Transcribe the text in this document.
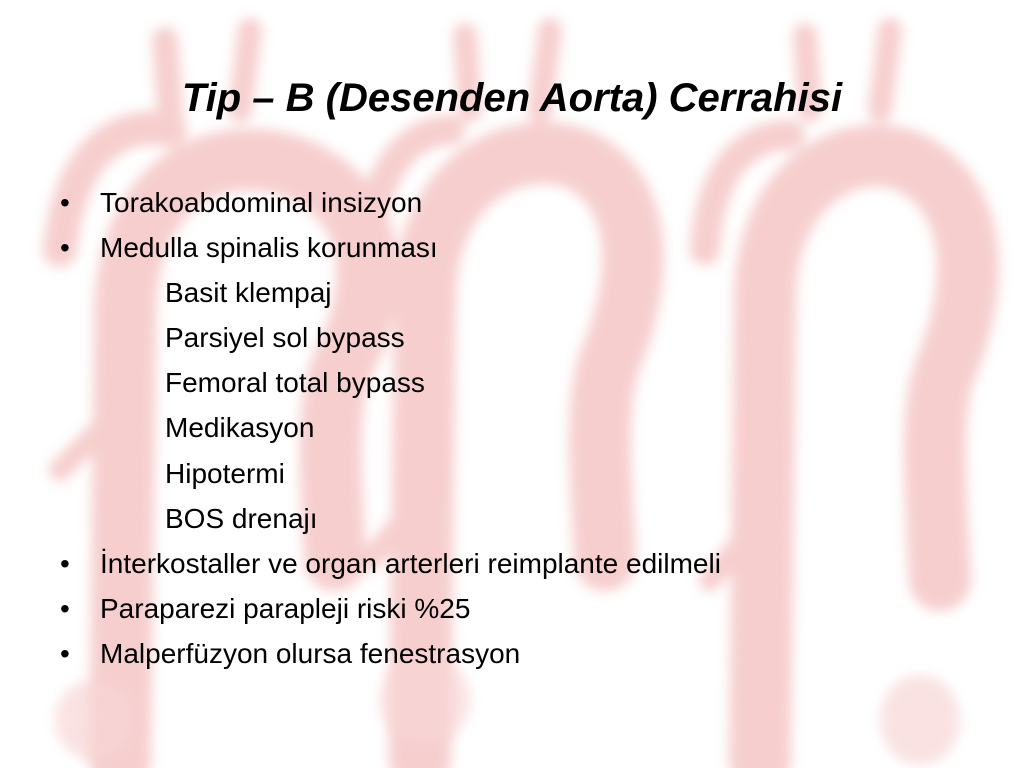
Tip – B (Desenden Aorta) Cerrahisi
•	Torakoabdominal insizyon
•	Medulla spinalis korunması
Basit klempaj
Parsiyel sol bypass
Femoral total bypass
Medikasyon
Hipotermi
BOS drenajı
•	İnterkostaller ve organ arterleri reimplante edilmeli
•	Paraparezi parapleji riski %25
•	Malperfüzyon olursa fenestrasyon
